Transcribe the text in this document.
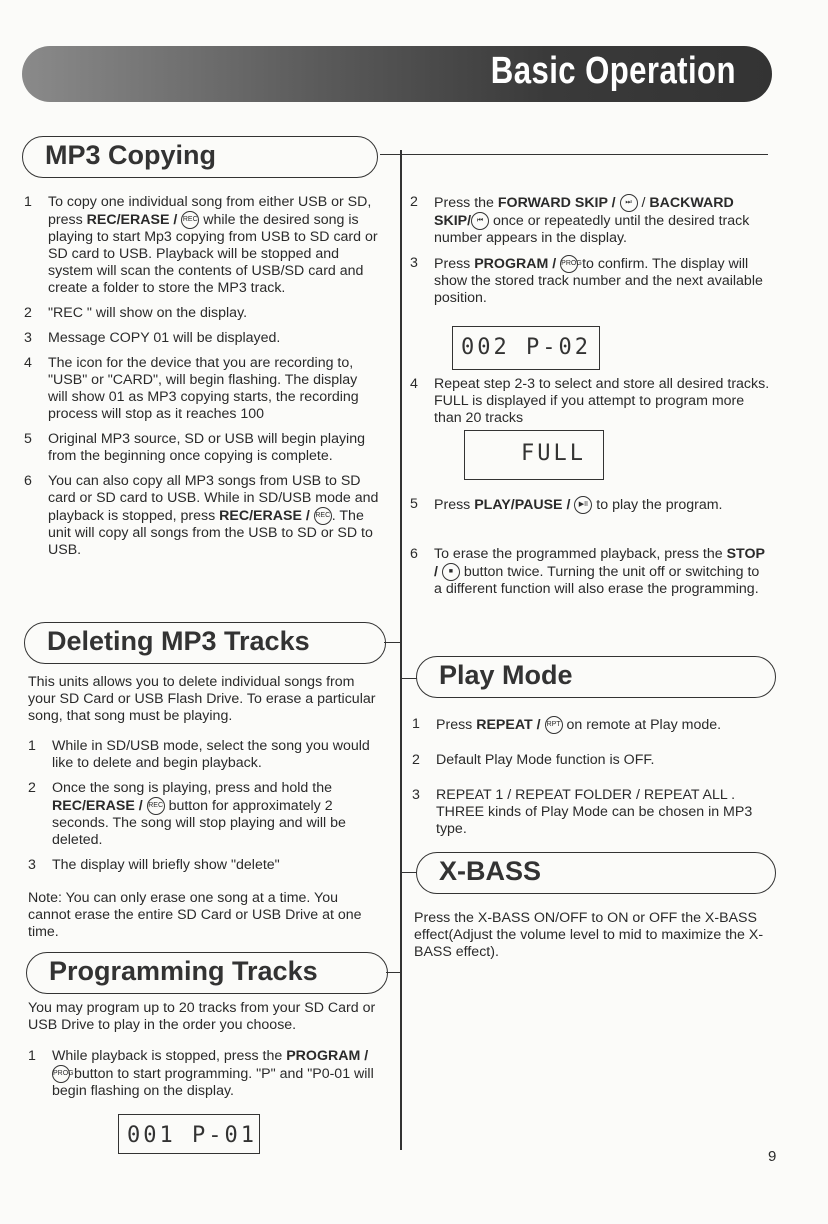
Basic Operation
MP3 Copying
1	To copy one individual song from either USB or SD, press REC/ERASE / REC while the desired song is playing to start Mp3 copying from USB to SD card or SD card to USB. Playback will be stopped and system will scan the contents of USB/SD card and create a folder to store the MP3 track.
2	"REC " will show on the display.
3	Message COPY 01 will be displayed.
4	The icon for the device that you are recording to, "USB" or "CARD", will begin flashing. The display will show 01 as MP3 copying starts, the recording process will stop as it reaches 100
5	Original MP3 source, SD or USB will begin playing from the beginning once copying is complete.
6	You can also copy all MP3 songs from USB to SD card or SD card to USB. While in SD/USB mode and playback is stopped, press REC/ERASE / REC . The unit will copy all songs from the USB to SD or SD to USB.
Deleting MP3 Tracks
This units allows you to delete individual songs from your SD Card or USB Flash Drive. To erase a particular song, that song must be playing.
1	While in SD/USB mode, select the song you would like to delete and begin playback.
2	Once the song is playing, press and hold the REC/ERASE / REC button for approximately 2 seconds. The song will stop playing and will be deleted.
3	The display will briefly show "delete"
Note: You can only erase one song at a time. You cannot erase the entire SD Card or USB Drive at one time.
Programming Tracks
You may program up to 20 tracks from your SD Card or USB Drive to play in the order you choose.
1	While playback is stopped, press the PROGRAM / PROG button to start programming. "P" and "P0-01 will begin flashing on the display.
001 P-01
2	Press the FORWARD SKIP / ⏭ / BACKWARD SKIP/ ⏮ once or repeatedly until the desired track number appears in the display.
3	Press PROGRAM / PROG to confirm. The display will show the stored track number and the next available position.
002 P-02
4	Repeat step 2-3 to select and store all desired tracks. FULL is displayed if you attempt to program more than 20 tracks
FULL
5	Press PLAY/PAUSE / ▶II to play the program.
6	To erase the programmed playback, press the STOP / ■ button twice. Turning the unit off or switching to a different function will also erase the programming.
Play Mode
1	Press REPEAT / RPT on remote at Play mode.
2	Default Play Mode function is OFF.
3	REPEAT 1 / REPEAT FOLDER / REPEAT ALL . THREE kinds of Play Mode can be chosen in MP3 type.
X-BASS
Press the X-BASS ON/OFF to ON or OFF the X-BASS effect(Adjust the volume level to mid to maximize the X-BASS effect).
9
